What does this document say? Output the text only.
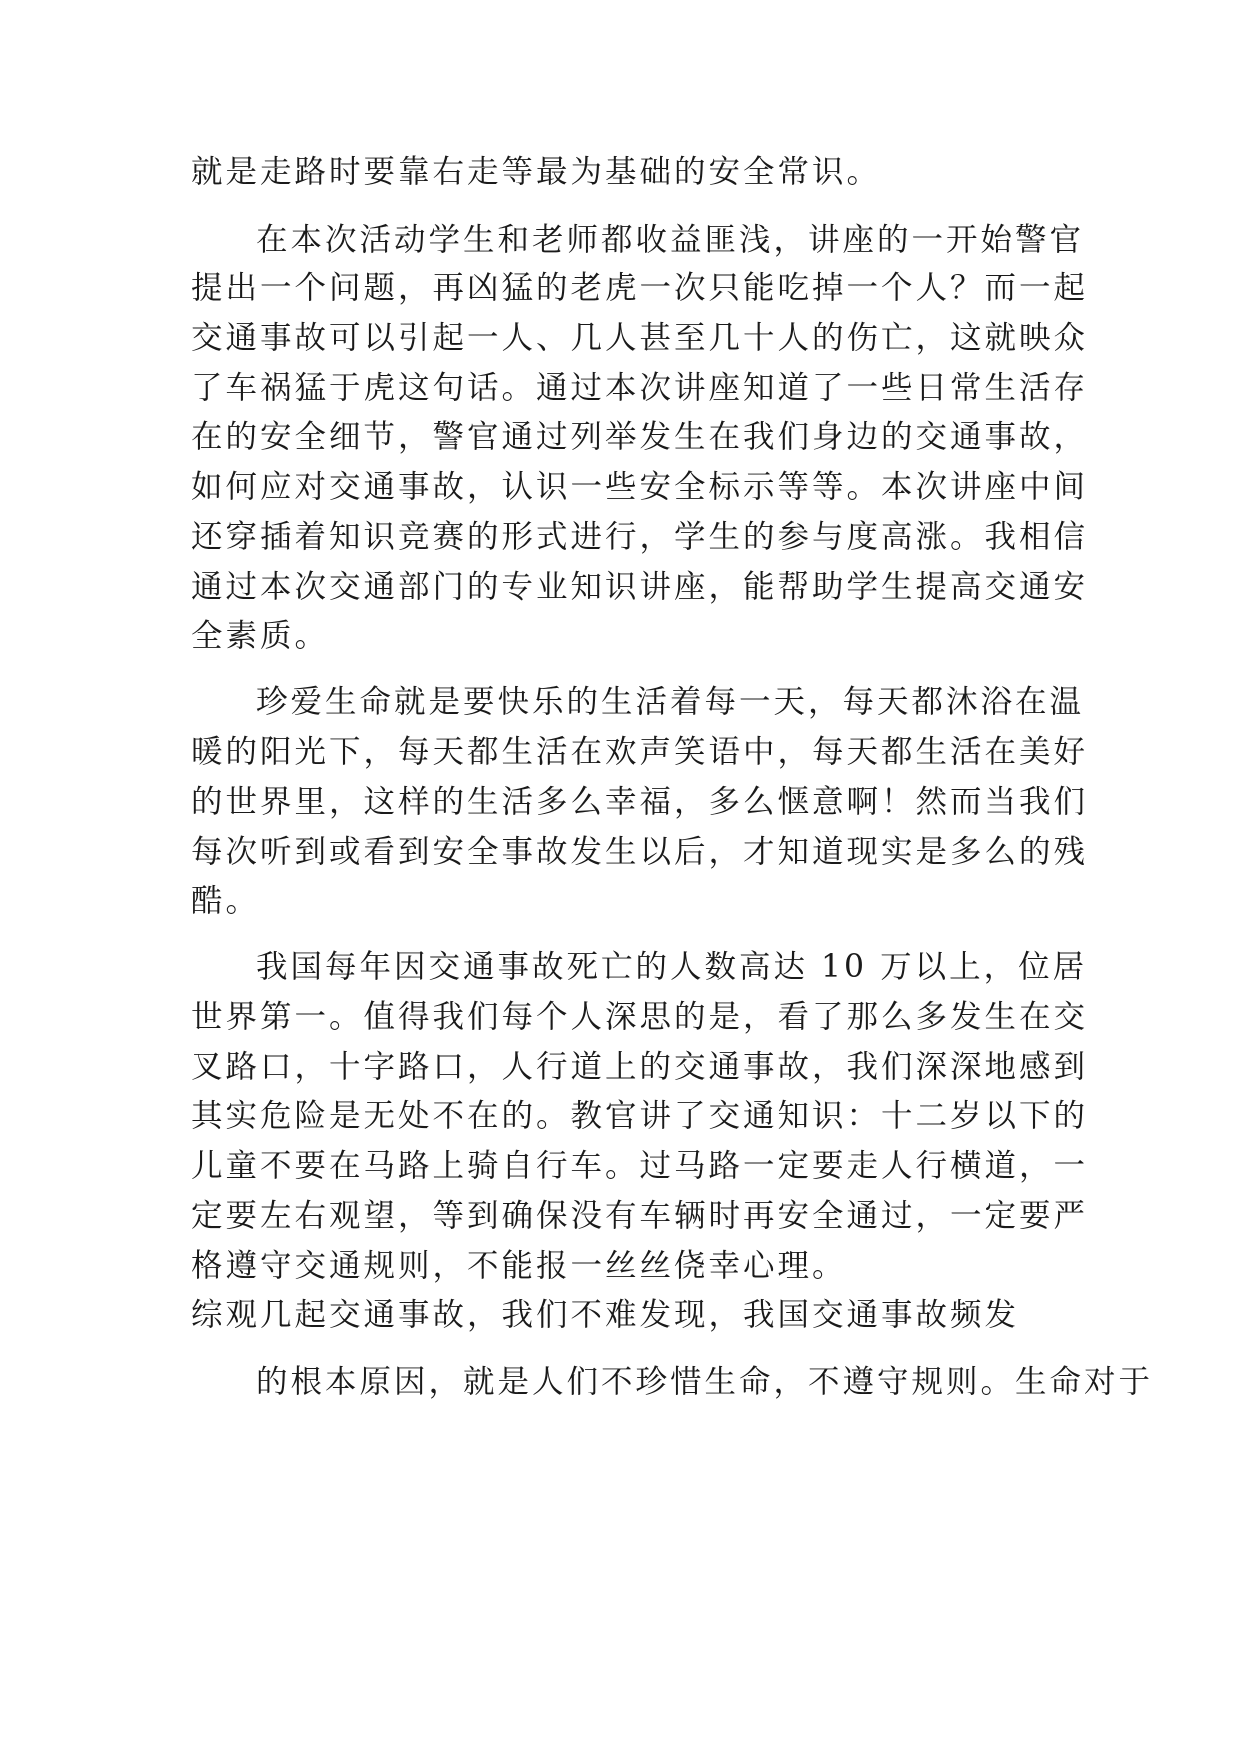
就是走路时要靠右走等最为基础的安全常识。

在本次活动学生和老师都收益匪浅，讲座的一开始警官

提出一个问题，再凶猛的老虎一次只能吃掉一个人？而一起

交通事故可以引起一人、几人甚至几十人的伤亡，这就映众

了车祸猛于虎这句话。通过本次讲座知道了一些日常生活存

在的安全细节，警官通过列举发生在我们身边的交通事故，

如何应对交通事故，认识一些安全标示等等。本次讲座中间

还穿插着知识竞赛的形式进行，学生的参与度高涨。我相信

通过本次交通部门的专业知识讲座，能帮助学生提高交通安

全素质。

珍爱生命就是要快乐的生活着每一天，每天都沐浴在温

暖的阳光下，每天都生活在欢声笑语中，每天都生活在美好

的世界里，这样的生活多么幸福，多么惬意啊！然而当我们

每次听到或看到安全事故发生以后，才知道现实是多么的残

酷。

我国每年因交通事故死亡的人数高达 10 万以上，位居

世界第一。值得我们每个人深思的是，看了那么多发生在交

叉路口，十字路口，人行道上的交通事故，我们深深地感到

其实危险是无处不在的。教官讲了交通知识：十二岁以下的

儿童不要在马路上骑自行车。过马路一定要走人行横道，一

定要左右观望，等到确保没有车辆时再安全通过，一定要严

格遵守交通规则，不能报一丝丝侥幸心理。

综观几起交通事故，我们不难发现，我国交通事故频发

的根本原因，就是人们不珍惜生命，不遵守规则。生命对于
